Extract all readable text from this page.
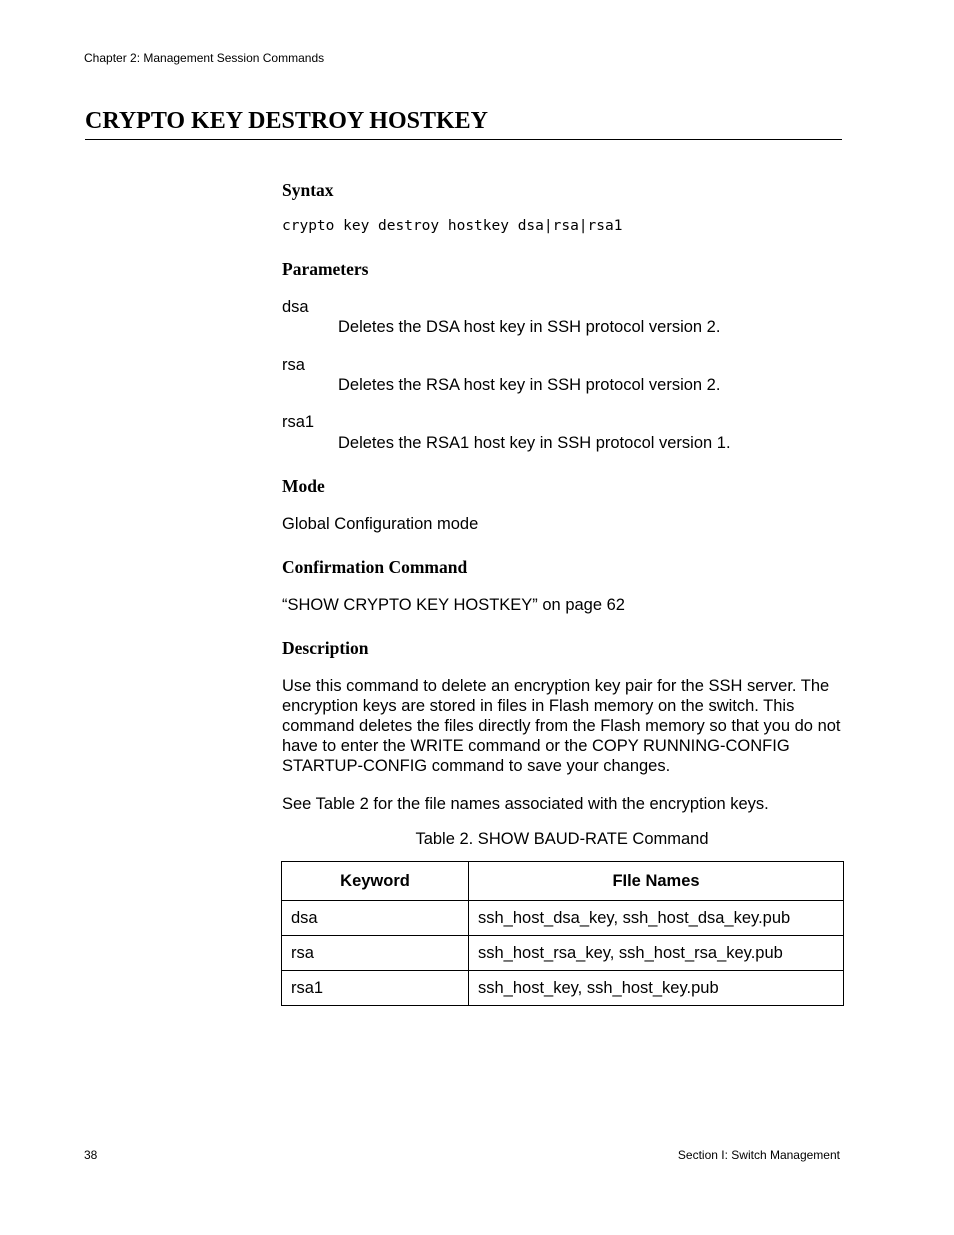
Chapter 2: Management Session Commands
CRYPTO KEY DESTROY HOSTKEY
Syntax
crypto key destroy hostkey dsa|rsa|rsa1
Parameters
dsa
Deletes the DSA host key in SSH protocol version 2.
rsa
Deletes the RSA host key in SSH protocol version 2.
rsa1
Deletes the RSA1 host key in SSH protocol version 1.
Mode
Global Configuration mode
Confirmation Command
“SHOW CRYPTO KEY HOSTKEY” on page 62
Description
Use this command to delete an encryption key pair for the SSH server. The encryption keys are stored in files in Flash memory on the switch. This command deletes the files directly from the Flash memory so that you do not have to enter the WRITE command or the COPY RUNNING-CONFIG STARTUP-CONFIG command to save your changes.
See Table 2 for the file names associated with the encryption keys.
Table 2. SHOW BAUD-RATE Command
Keyword	FIle Names
dsa	ssh_host_dsa_key, ssh_host_dsa_key.pub
rsa	ssh_host_rsa_key, ssh_host_rsa_key.pub
rsa1	ssh_host_key, ssh_host_key.pub
38	Section I: Switch Management
